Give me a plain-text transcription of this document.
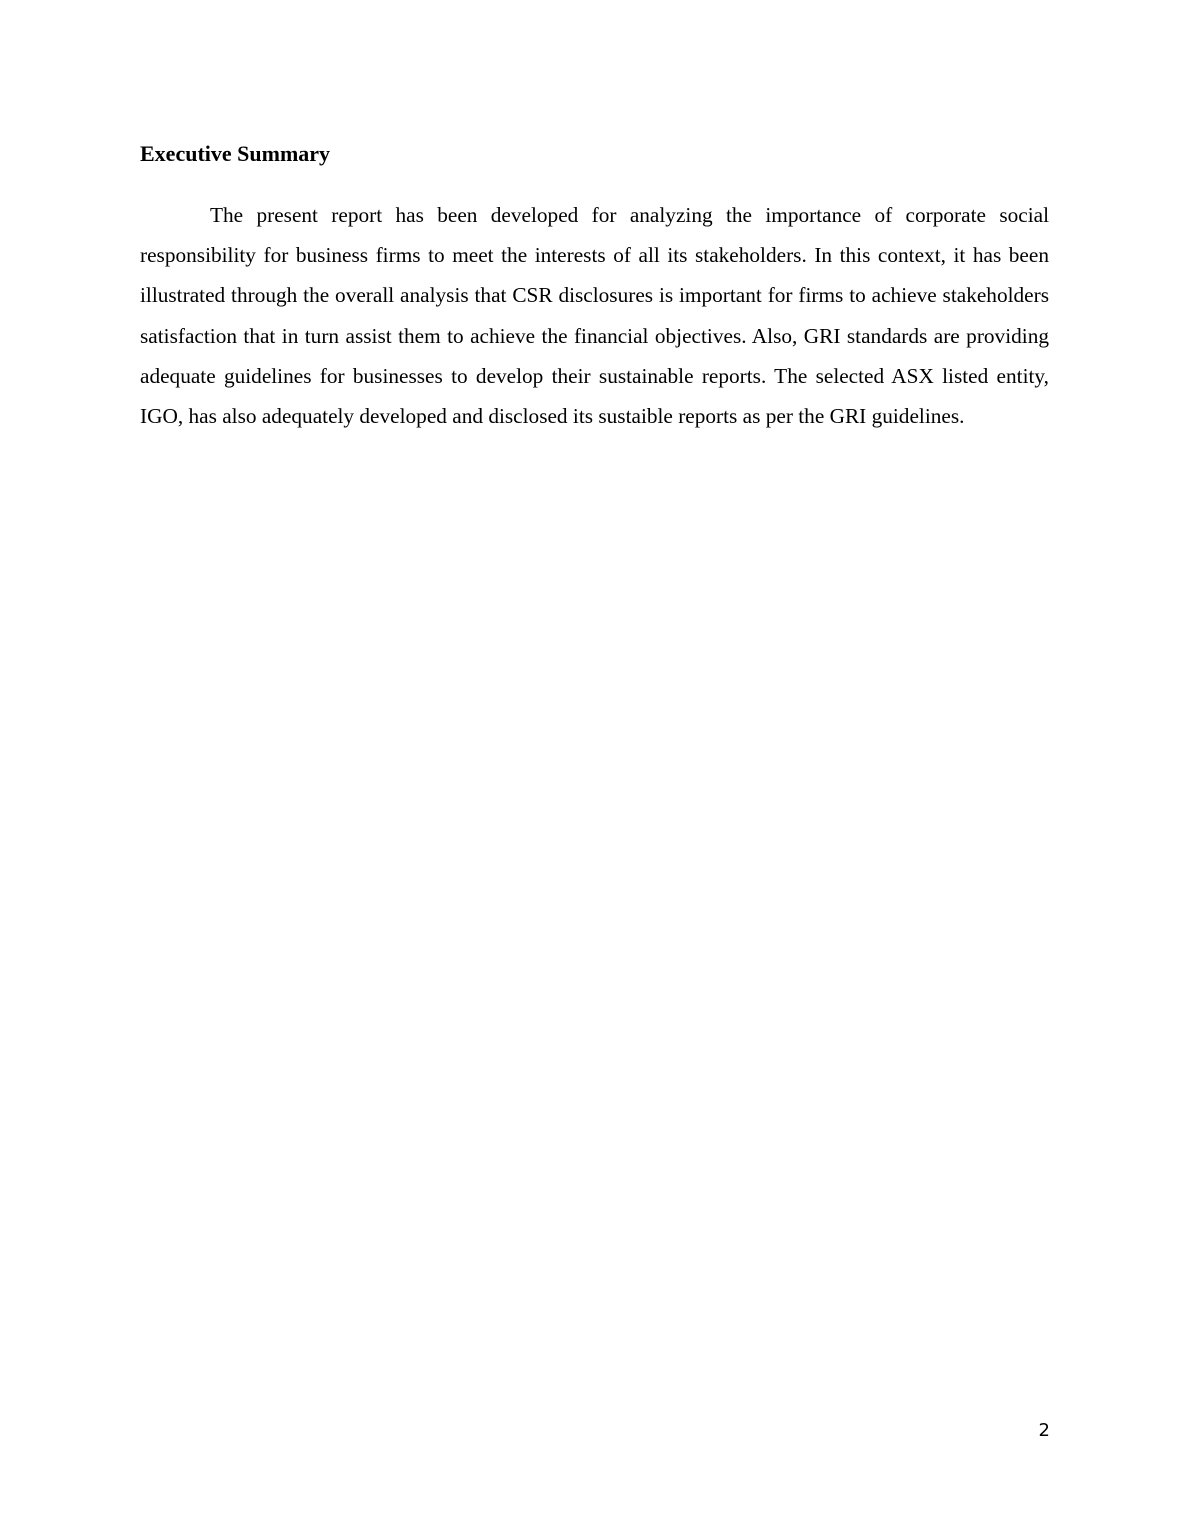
Executive Summary

The present report has been developed for analyzing the importance of corporate social responsibility for business firms to meet the interests of all its stakeholders. In this context, it has been illustrated through the overall analysis that CSR disclosures is important for firms to achieve stakeholders satisfaction that in turn assist them to achieve the financial objectives. Also, GRI standards are providing adequate guidelines for businesses to develop their sustainable reports. The selected ASX listed entity, IGO, has also adequately developed and disclosed its sustaible reports as per the GRI guidelines.

2
